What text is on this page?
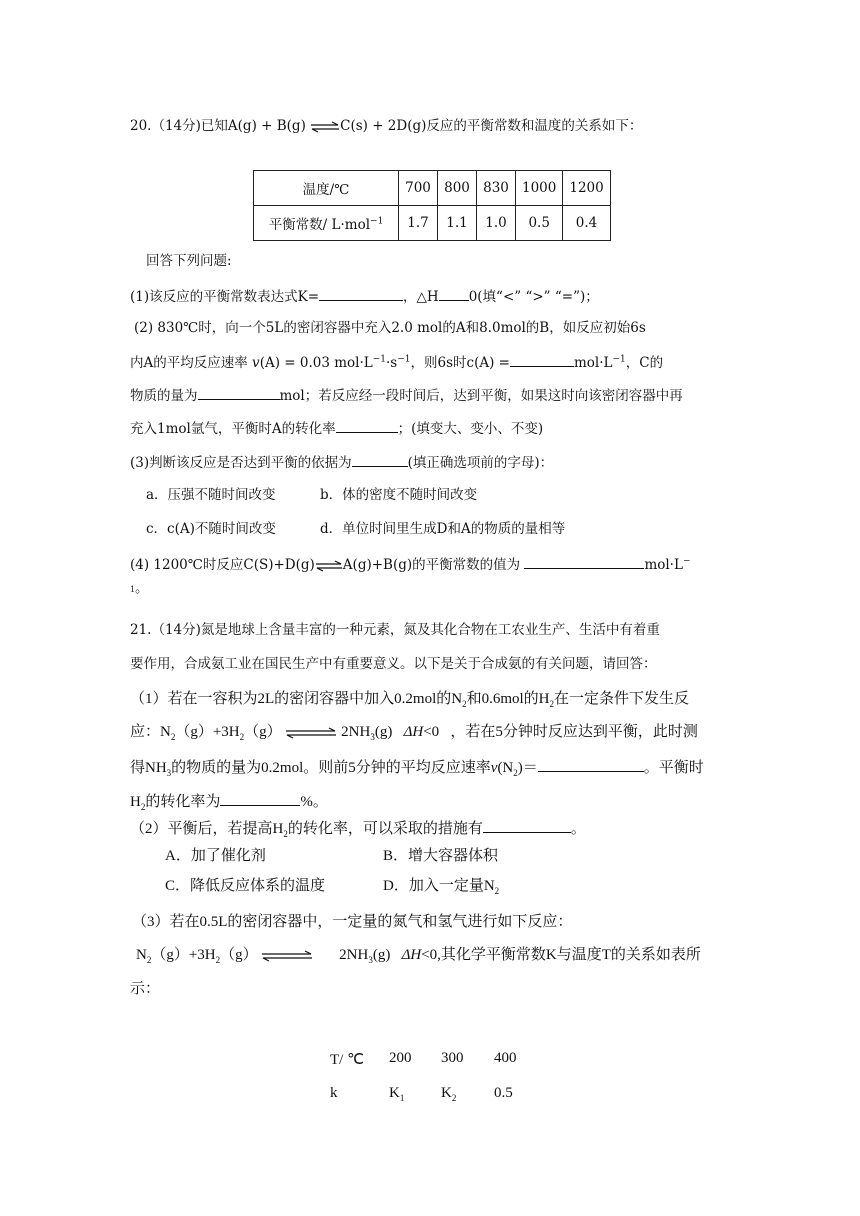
20.（14分)已知A(g) + B(g) ⇌C(s) + 2D(g)反应的平衡常数和温度的关系如下：
温度/℃	700	800	830	1000	1200
平衡常数/ L·mol$^{-1}$	1.7	1.1	1.0	0.5	0.4
回答下列问题:
(1)该反应的平衡常数表达式K=	，△H 0(填“<” “>” “=”)；
(2) 830℃时，向一个5L的密闭容器中充入2.0 mol的A和8.0mol的B，如反应初始6s
内A的平均反应速率 v(A) = 0.03 $mol\cdot L^{-1}\cdot s^{-1}$，则6s时c(A) =	$mol\cdot L^{-1}$，C的
物质的量为	mol；若反应经一段时间后，达到平衡，如果这时向该密闭容器中再
充入1mol氩气，平衡时A的转化率	；(填变大、变小、不变)
(3)判断该反应是否达到平衡的依据为	(填正确选项前的字母)：
a．压强不随时间改变	b．体的密度不随时间改变
c．c(A)不随时间改变	d．单位时间里生成D和A的物质的量相等
(4) 1200℃时反应C(S)+D(g)⇌A(g)+B(g)的平衡常数的值为	mol·L−
1。
21.（14分)氮是地球上含量丰富的一种元素，氮及其化合物在工农业生产、生活中有着重
要作用，合成氨工业在国民生产中有重要意义。以下是关于合成氨的有关问题，请回答：
（1）若在一容积为2L的密闭容器中加入0.2mol的$N_2$和0.6mol的$H_2$在一定条件下发生反
应：$N_2(g)+3H_2(g)$ ⇌ $2NH_3(g)$   ΔH<0   ，若在5分钟时反应达到平衡，此时测
得$NH_3$的物质的量为0.2mol。则前5分钟的平均反应速率$v(N_2)=$	。平衡时
$H_2$的转化率为	%。
（2）平衡后，若提高$H_2$的转化率，可以采取的措施有	。
A．加了催化剂	B．增大容器体积
C．降低反应体系的温度	D．加入一定量$N_2$
（3）若在0.5L的密闭容器中，一定量的氮气和氢气进行如下反应：
$N_2(g)+3H_2(g)$ ⇌ $2NH_3(g)$   ΔH<0,其化学平衡常数K与温度T的关系如表所
示：
T/ ℃ 200 300 400
k	$K_1$ $K_2$	0.5
